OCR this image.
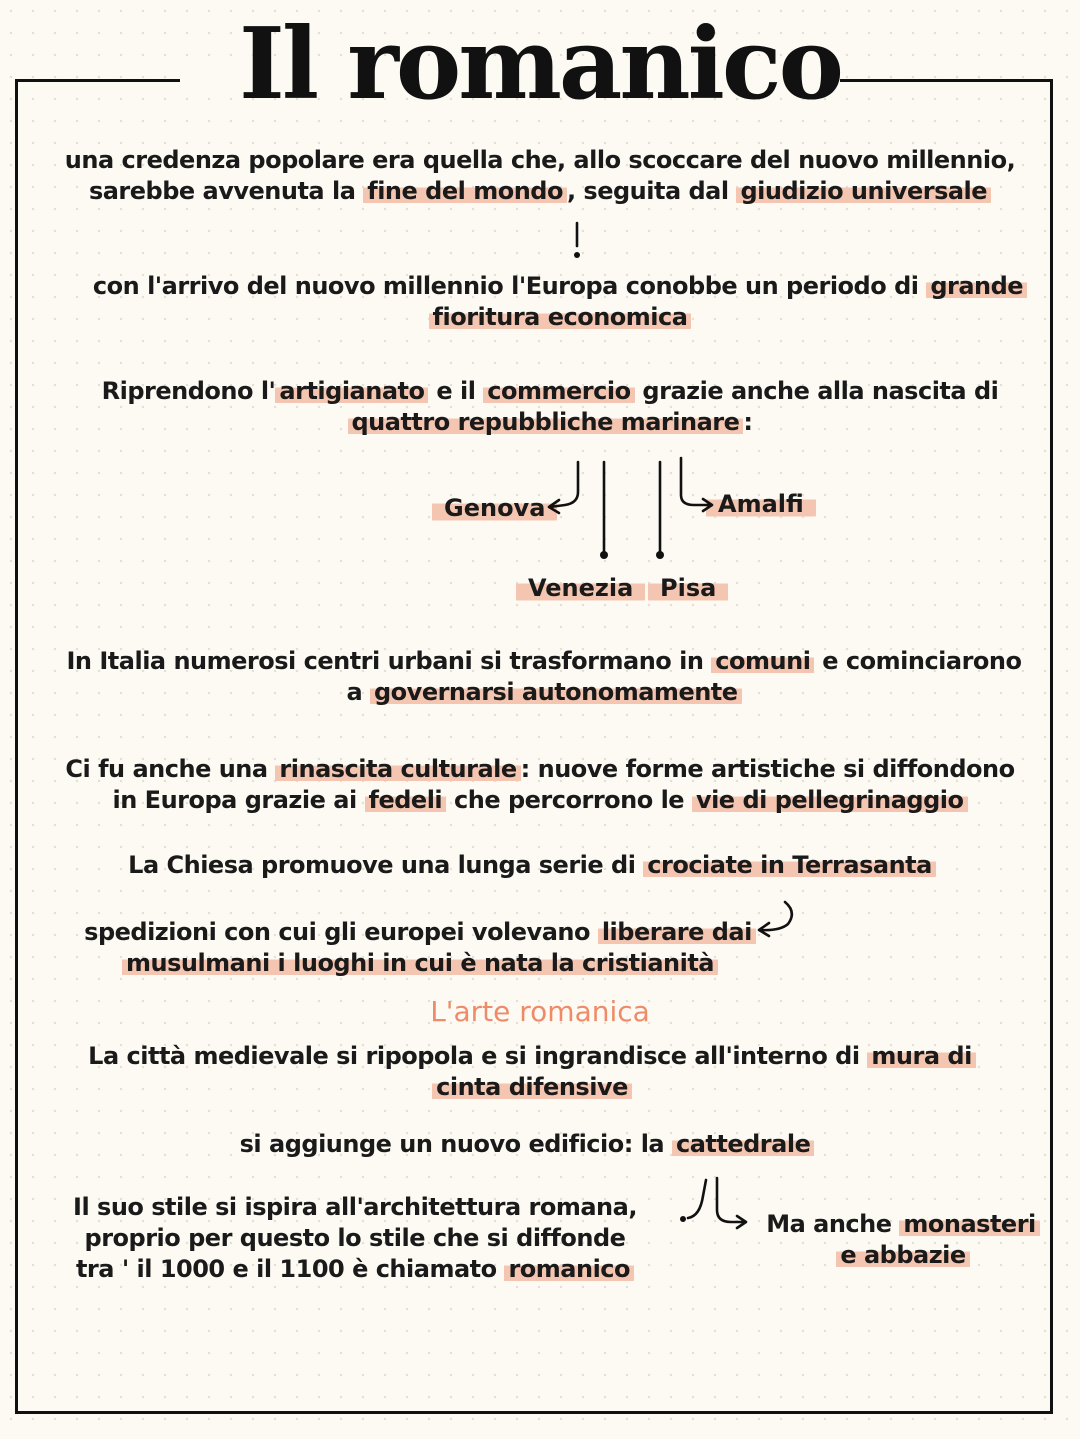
Il romanico

una credenza popolare era quella che, allo scoccare del nuovo millennio,

sarebbe avvenuta la fine del mondo , seguita dal giudizio universale

con l'arrivo del nuovo millennio l'Europa conobbe un periodo di grande

fioritura economica

Riprendono l' artigianato e il commercio grazie anche alla nascita di

quattro repubbliche marinare :

Genova	Amalfi
Venezia	Pisa

In Italia numerosi centri urbani si trasformano in comuni e cominciarono

a governarsi autonomamente

Ci fu anche una rinascita culturale : nuove forme artistiche si diffondono

in Europa grazie ai fedeli che percorrono le vie di pellegrinaggio

La Chiesa promuove una lunga serie di crociate in Terrasanta

spedizioni con cui gli europei volevano liberare dai

musulmani i luoghi in cui è nata la cristianità

L'arte romanica

La città medievale si ripopola e si ingrandisce all'interno di mura di

cinta difensive

si aggiunge un nuovo edificio: la cattedrale

Il suo stile si ispira all'architettura romana,

proprio per questo lo stile che si diffonde

tra ' il 1000 e il 1100 è chiamato romanico

Ma anche monasteri

e abbazie
